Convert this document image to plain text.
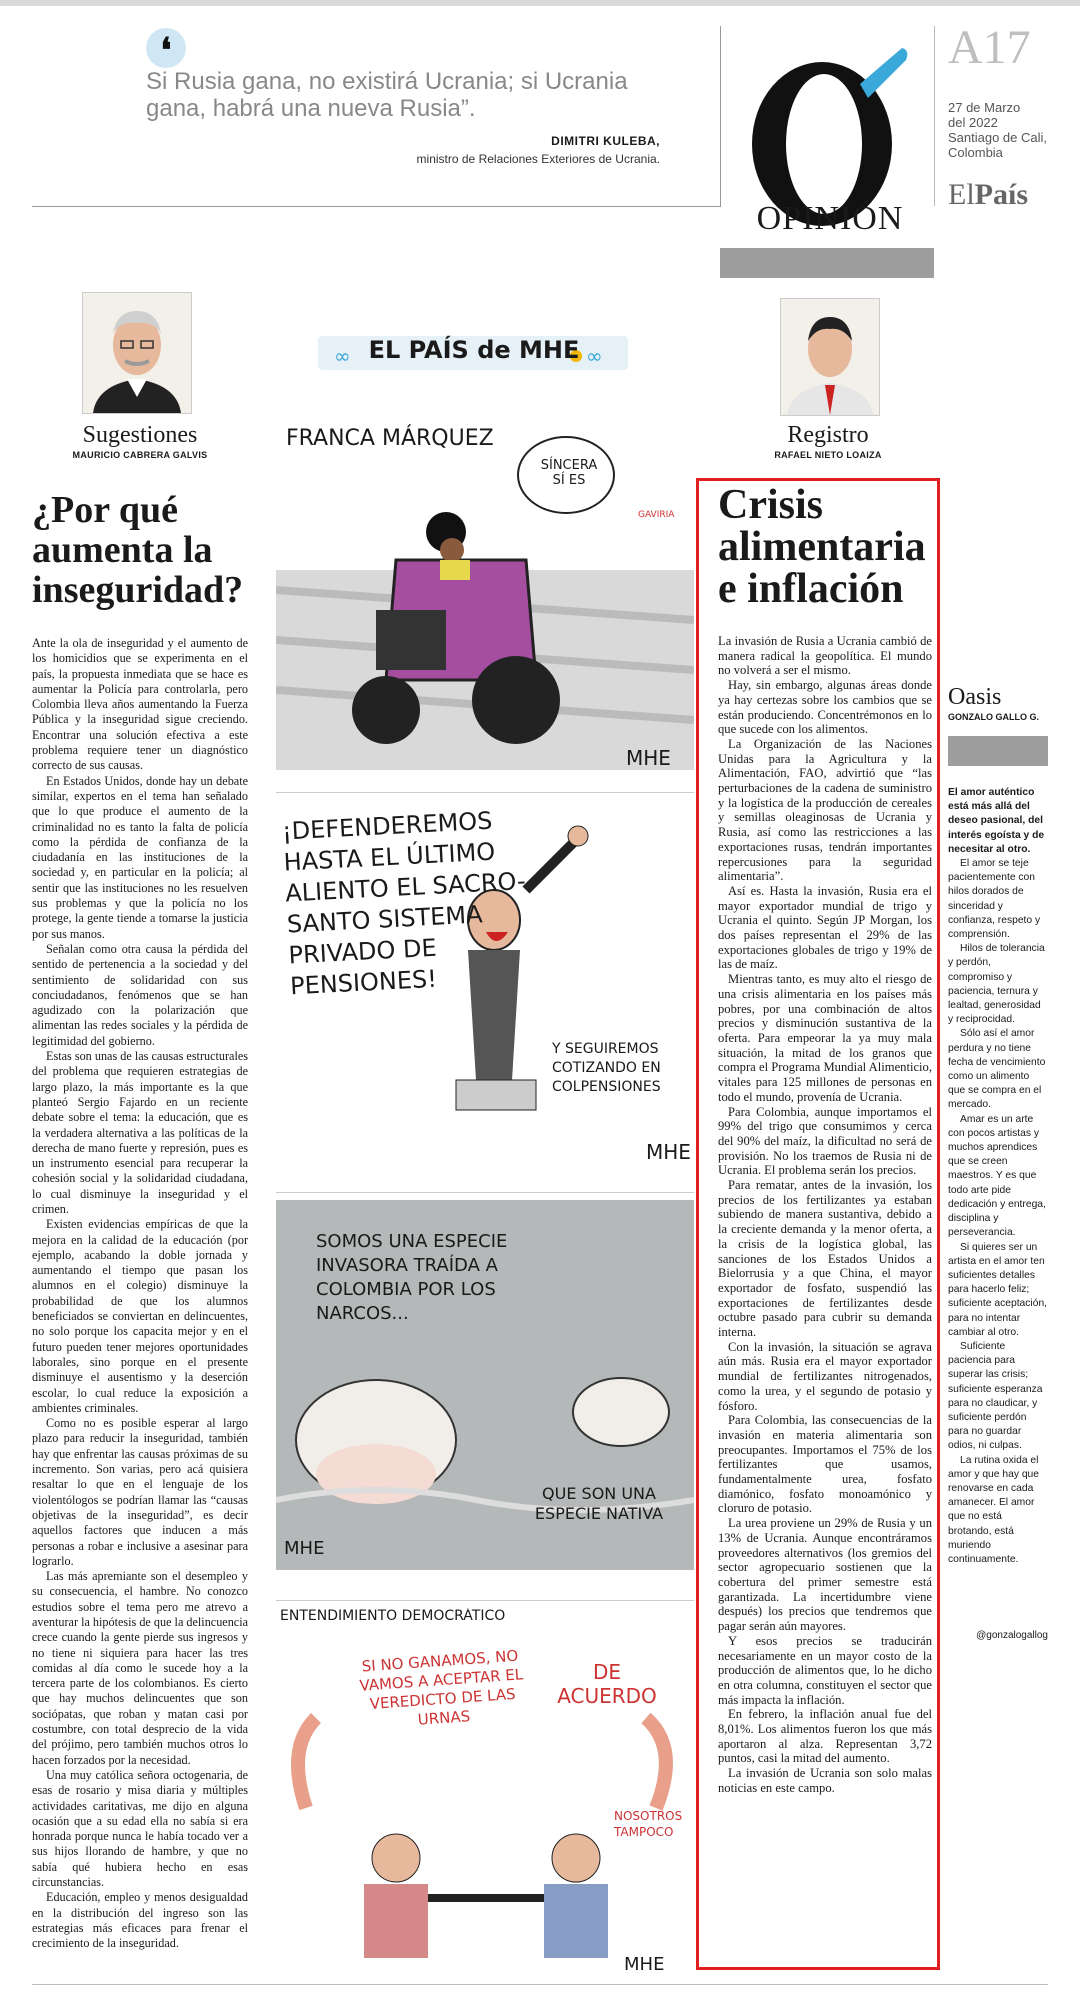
❛
Si Rusia gana, no existirá Ucrania; si Ucrania gana, habrá una nueva Rusia”.
DIMITRI KULEBA,
ministro de Relaciones Exteriores de Ucrania.
OPINIÓN
A17
27 de Marzo
del 2022
Santiago de Cali,
Colombia
ElPaís
Sugestiones
MAURICIO CABRERA GALVIS
¿Por qué aumenta la inseguridad?

Ante la ola de inseguridad y el aumento de los homicidios que se experimenta en el país, la propuesta inmediata que se hace es aumentar la Policía para controlarla, pero Colombia lleva años aumentando la Fuerza Pública y la inseguridad sigue creciendo. Encontrar una solución efectiva a este problema requiere tener un diagnóstico correcto de sus causas.

En Estados Unidos, donde hay un debate similar, expertos en el tema han señalado que lo que produce el aumento de la criminalidad no es tanto la falta de policía como la pérdida de confianza de la ciudadanía en las instituciones de la sociedad y, en particular en la policía; al sentir que las instituciones no les resuelven sus problemas y que la policía no los protege, la gente tiende a tomarse la justicia por sus manos.

Señalan como otra causa la pérdida del sentido de pertenencia a la sociedad y del sentimiento de solidaridad con sus conciudadanos, fenómenos que se han agudizado con la polarización que alimentan las redes sociales y la pérdida de legitimidad del gobierno.

Estas son unas de las causas estructurales del problema que requieren estrategias de largo plazo, la más importante es la que planteó Sergio Fajardo en un reciente debate sobre el tema: la educación, que es la verdadera alternativa a las políticas de la derecha de mano fuerte y represión, pues es un instrumento esencial para recuperar la cohesión social y la solidaridad ciudadana, lo cual disminuye la inseguridad y el crimen.

Existen evidencias empíricas de que la mejora en la calidad de la educación (por ejemplo, acabando la doble jornada y aumentando el tiempo que pasan los alumnos en el colegio) disminuye la probabilidad de que los alumnos beneficiados se conviertan en delincuentes, no solo porque los capacita mejor y en el futuro pueden tener mejores oportunidades laborales, sino porque en el presente disminuye el ausentismo y la deserción escolar, lo cual reduce la exposición a ambientes criminales.

Como no es posible esperar al largo plazo para reducir la inseguridad, también hay que enfrentar las causas próximas de su incremento. Son varias, pero acá quisiera resaltar lo que en el lenguaje de los violentólogos se podrían llamar las “causas objetivas de la inseguridad”, es decir aquellos factores que inducen a más personas a robar e inclusive a asesinar para lograrlo.

Las más apremiante son el desempleo y su consecuencia, el hambre. No conozco estudios sobre el tema pero me atrevo a aventurar la hipótesis de que la delincuencia crece cuando la gente pierde sus ingresos y no tiene ni siquiera para hacer las tres comidas al día como le sucede hoy a la tercera parte de los colombianos. Es cierto que hay muchos delincuentes que son sociópatas, que roban y matan casi por costumbre, con total desprecio de la vida del prójimo, pero también muchos otros lo hacen forzados por la necesidad.

Una muy católica señora octogenaria, de esas de rosario y misa diaria y múltiples actividades caritativas, me dijo en alguna ocasión que a su edad ella no sabía si era honrada porque nunca le había tocado ver a sus hijos llorando de hambre, y que no sabía qué hubiera hecho en esas circunstancias.

Educación, empleo y menos desigualdad en la distribución del ingreso son las estrategias más eficaces para frenar el crecimiento de la inseguridad.

∞	∞
EL PAÍS de MHE
FRANCA MÁRQUEZ
SÍNCERA SÍ ES
GAVIRIA
MHE
¡DEFENDEREMOS HASTA EL ÚLTIMO ALIENTO EL SACRO-SANTO SISTEMA PRIVADO DE PENSIONES!
Y SEGUIREMOS COTIZANDO EN COLPENSIONES
MHE
SOMOS UNA ESPECIE INVASORA TRAÍDA A COLOMBIA POR LOS NARCOS...
QUE SON UNA ESPECIE NATIVA
MHE
ENTENDIMIENTO DEMOCRÁTICO
SI NO GANAMOS, NO VAMOS A ACEPTAR EL VEREDICTO DE LAS URNAS
DE ACUERDO
NOSOTROS TAMPOCO
MHE
Registro
RAFAEL NIETO LOAIZA
Crisis alimentaria e inflación

La invasión de Rusia a Ucrania cambió de manera radical la geopolítica. El mundo no volverá a ser el mismo.

Hay, sin embargo, algunas áreas donde ya hay certezas sobre los cambios que se están produciendo. Concentrémonos en lo que sucede con los alimentos.

La Organización de las Naciones Unidas para la Agricultura y la Alimentación, FAO, advirtió que “las perturbaciones de la cadena de suministro y la logística de la producción de cereales y semillas oleaginosas de Ucrania y Rusia, así como las restricciones a las exportaciones rusas, tendrán importantes repercusiones para la seguridad alimentaria”.

Así es. Hasta la invasión, Rusia era el mayor exportador mundial de trigo y Ucrania el quinto. Según JP Morgan, los dos países representan el 29% de las exportaciones globales de trigo y 19% de las de maíz.

Mientras tanto, es muy alto el riesgo de una crisis alimentaria en los países más pobres, por una combinación de altos precios y disminución sustantiva de la oferta. Para empeorar la ya muy mala situación, la mitad de los granos que compra el Programa Mundial Alimenticio, vitales para 125 millones de personas en todo el mundo, provenía de Ucrania.

Para Colombia, aunque importamos el 99% del trigo que consumimos y cerca del 90% del maíz, la dificultad no será de provisión. No los traemos de Rusia ni de Ucrania. El problema serán los precios.

Para rematar, antes de la invasión, los precios de los fertilizantes ya estaban subiendo de manera sustantiva, debido a la creciente demanda y la menor oferta, a la crisis de la logística global, las sanciones de los Estados Unidos a Bielorrusia y a que China, el mayor exportador de fosfato, suspendió las exportaciones de fertilizantes desde octubre pasado para cubrir su demanda interna.

Con la invasión, la situación se agrava aún más. Rusia era el mayor exportador mundial de fertilizantes nitrogenados, como la urea, y el segundo de potasio y fósforo.

Para Colombia, las consecuencias de la invasión en materia alimentaria son preocupantes. Importamos el 75% de los fertilizantes que usamos, fundamentalmente urea, fosfato diamónico, fosfato monoamónico y cloruro de potasio.

La urea proviene un 29% de Rusia y un 13% de Ucrania. Aunque encontráramos proveedores alternativos (los gremios del sector agropecuario sostienen que la cobertura del primer semestre está garantizada. La incertidumbre viene después) los precios que tendremos que pagar serán aún mayores.

Y esos precios se traducirán necesariamente en un mayor costo de la producción de alimentos que, lo he dicho en otra columna, constituyen el sector que más impacta la inflación.

En febrero, la inflación anual fue del 8,01%. Los alimentos fueron los que más aportaron al alza. Representan 3,72 puntos, casi la mitad del aumento.

La invasión de Ucrania son solo malas noticias en este campo.

Oasis
GONZALO GALLO G.

El amor auténtico está más allá del deseo pasional, del interés egoísta y de necesitar al otro.

El amor se teje pacientemente con hilos dorados de sinceridad y confianza, respeto y comprensión.

Hilos de tolerancia y perdón, compromiso y paciencia, ternura y lealtad, generosidad y reciprocidad.

Sólo así el amor perdura y no tiene fecha de vencimiento como un alimento que se compra en el mercado.

Amar es un arte con pocos artistas y muchos aprendices que se creen maestros. Y es que todo arte pide dedicación y entrega, disciplina y perseverancia.

Si quieres ser un artista en el amor ten suficientes detalles para hacerlo feliz; suficiente aceptación, para no intentar cambiar al otro.

Suficiente paciencia para superar las crisis; suficiente esperanza para no claudicar, y suficiente perdón para no guardar odios, ni culpas.

La rutina oxida el amor y que hay que renovarse en cada amanecer. El amor que no está brotando, está muriendo continuamente.

@gonzalogallog
